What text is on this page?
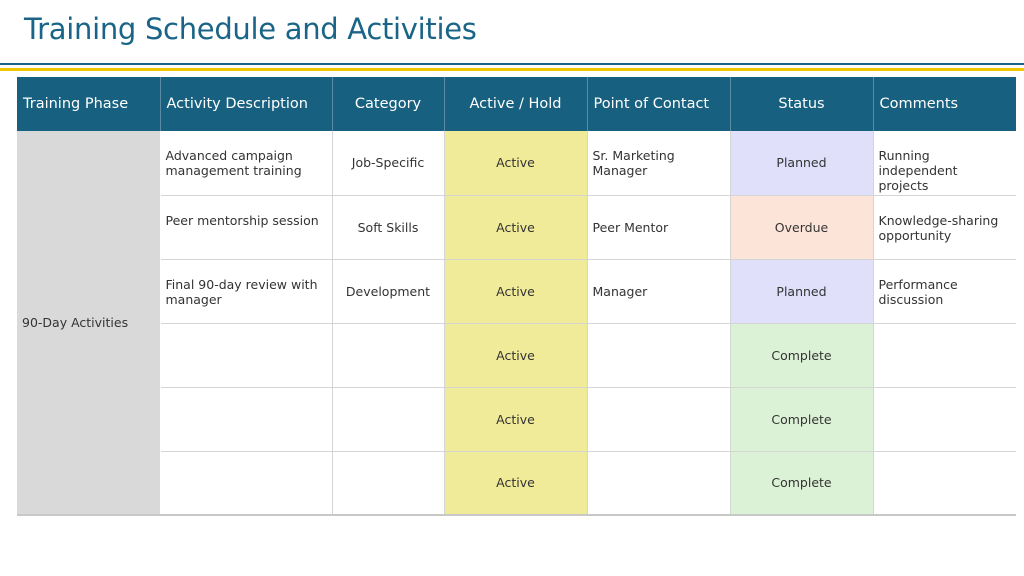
Training Schedule and Activities
Training Phase	Activity Description	Category	Active / Hold	Point of Contact	Status	Comments
90-Day Activities	Advanced campaign management training	Job-Specific	Active	Sr. Marketing Manager	Planned	Running independent projects
	Peer mentorship session	Soft Skills	Active	Peer Mentor	Overdue	Knowledge-sharing opportunity
	Final 90-day review with manager	Development	Active	Manager	Planned	Performance discussion
			Active		Complete	
			Active		Complete	
			Active		Complete	
